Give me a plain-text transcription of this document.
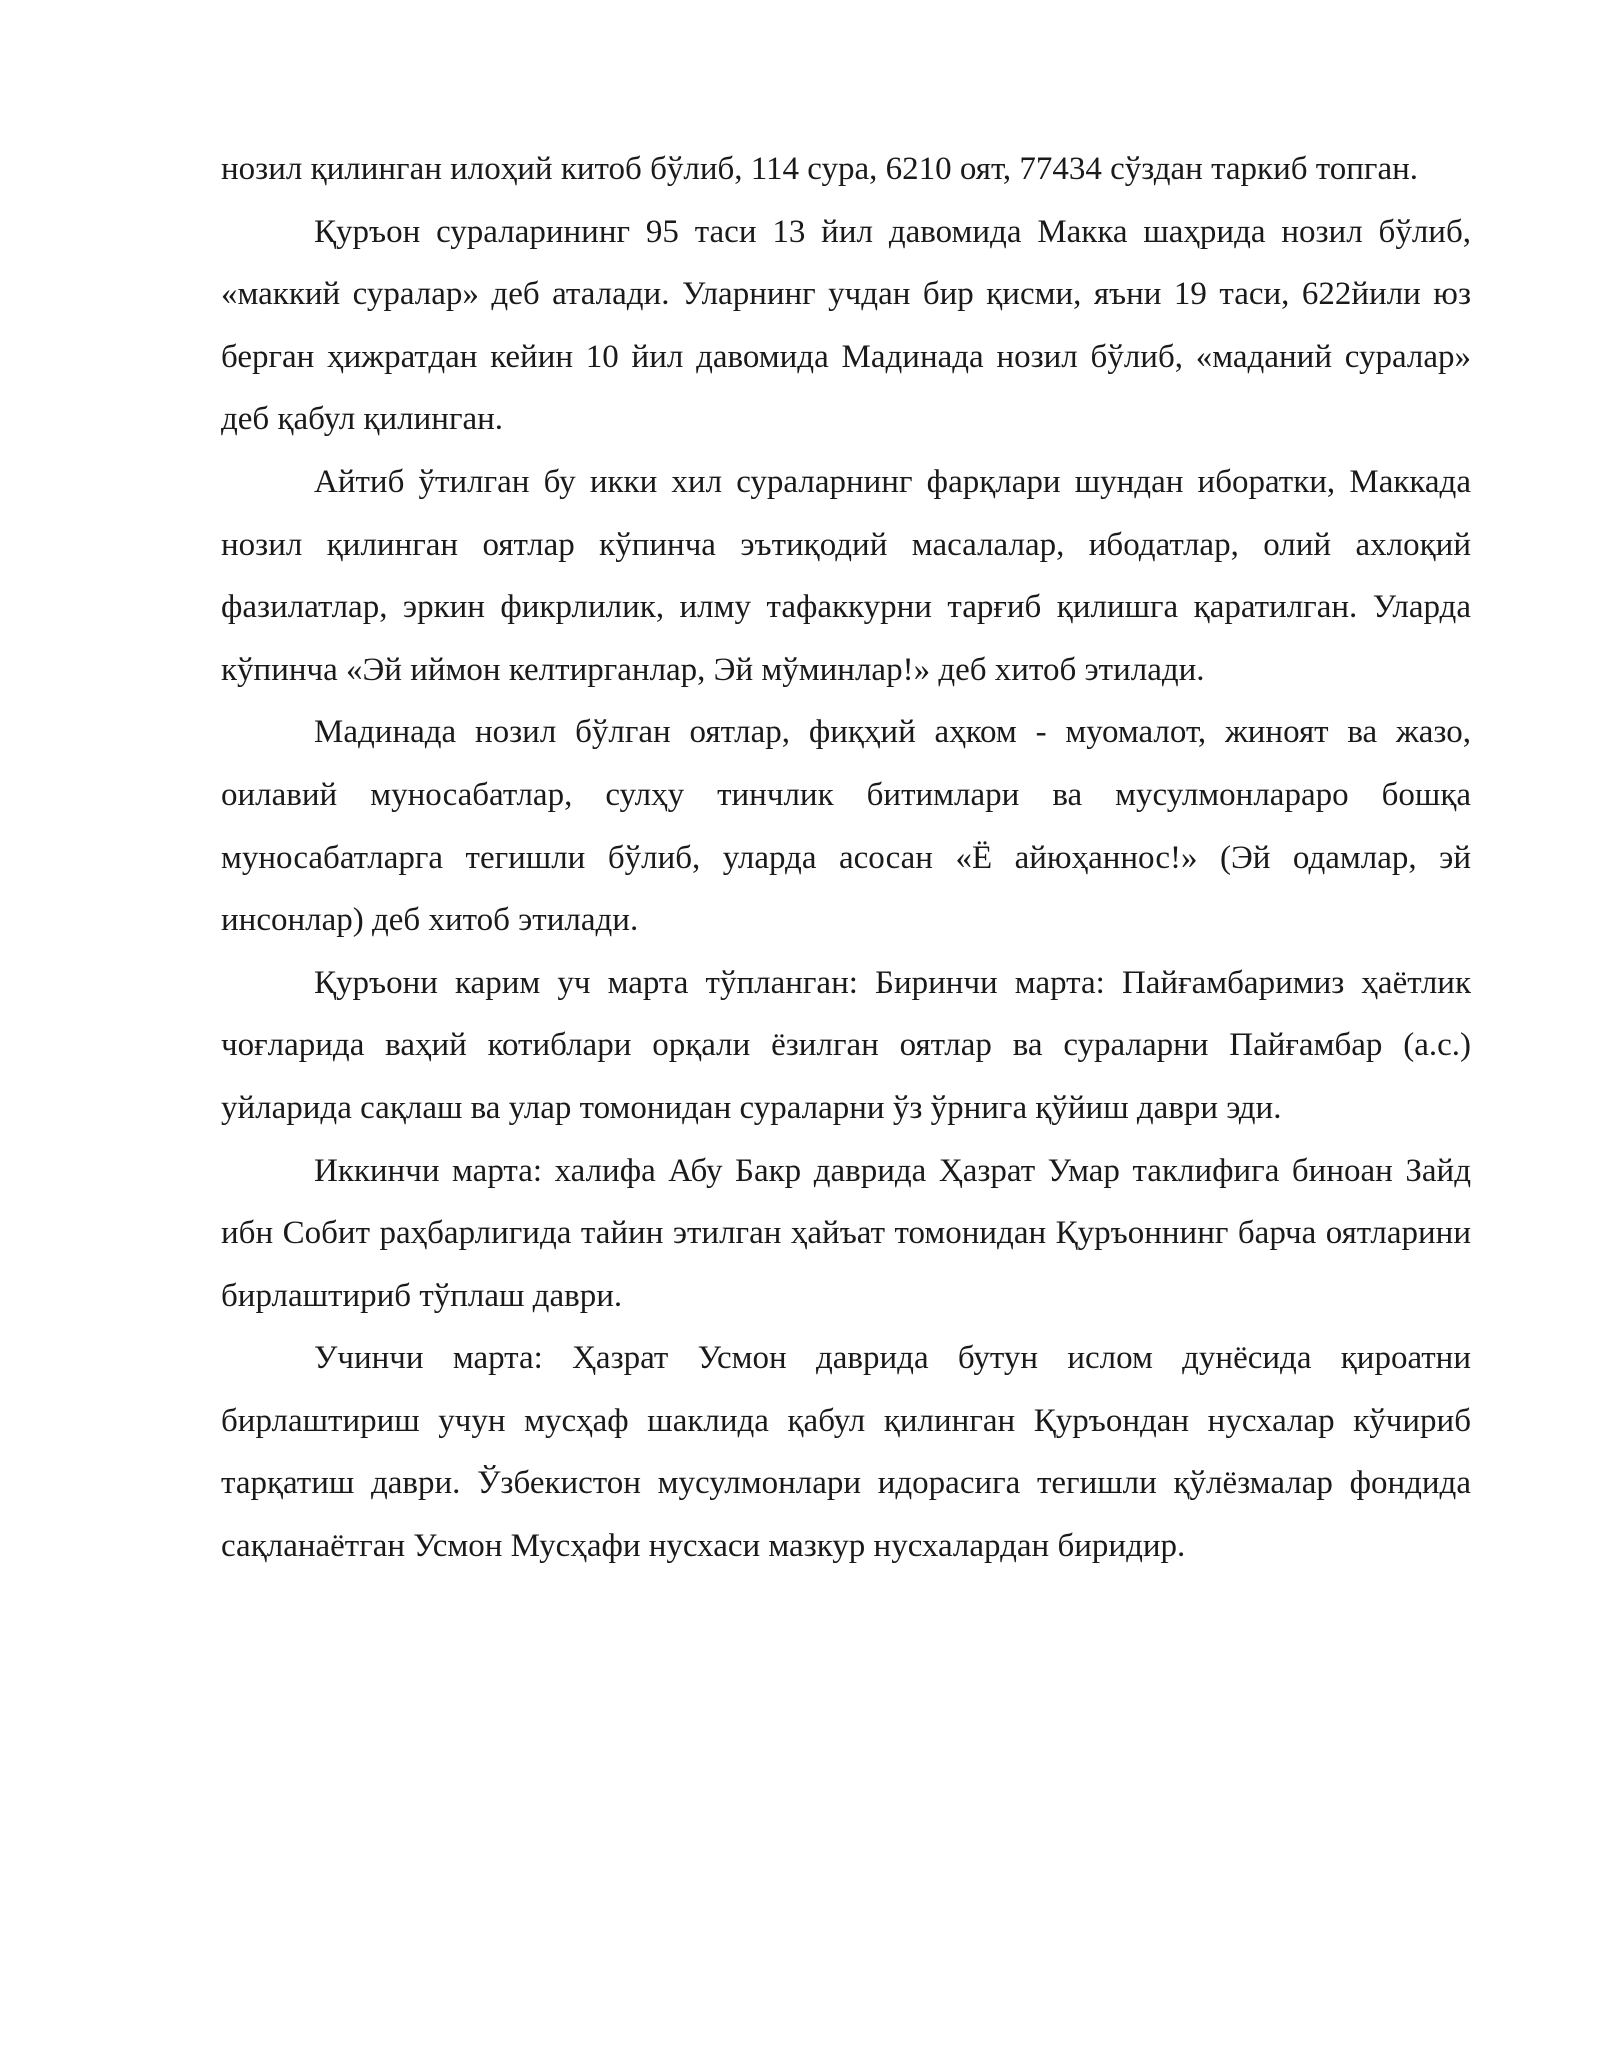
нозил қилинган илоҳий китоб бўлиб, 114 сура, 6210 оят, 77434 сўздан таркиб топган.

Қуръон сураларининг 95 таси 13 йил давомида Макка шаҳрида нозил бўлиб, «маккий суралар» деб аталади. Уларнинг учдан бир қисми, яъни 19 таси, 622йили юз берган ҳижратдан кейин 10 йил давомида Мадинада нозил бўлиб, «маданий суралар» деб қабул қилинган.

Айтиб ўтилган бу икки хил сураларнинг фарқлари шундан иборатки, Маккада нозил қилинган оятлар кўпинча эътиқодий масалалар, ибодатлар, олий ахлоқий фазилатлар, эркин фикрлилик, илму тафаккурни тарғиб қилишга қаратилган. Уларда кўпинча «Эй иймон келтирганлар, Эй мўминлар!» деб хитоб этилади.

Мадинада нозил бўлган оятлар, фиқҳий аҳком - муомалот, жиноят ва жазо, оилавий муносабатлар, сулҳу тинчлик битимлари ва мусулмонлараро бошқа муносабатларга тегишли бўлиб, уларда асосан «Ё айюҳаннос!» (Эй одамлар, эй инсонлар) деб хитоб этилади.

Қуръони карим уч марта тўпланган: Биринчи марта: Пайғамбаримиз ҳаётлик чоғларида ваҳий котиблари орқали ёзилган оятлар ва сураларни Пайғамбар (а.с.) уйларида сақлаш ва улар томонидан сураларни ўз ўрнига қўйиш даври эди.

Иккинчи марта: халифа Абу Бакр даврида Ҳазрат Умар таклифига биноан Зайд ибн Собит раҳбарлигида тайин этилган ҳайъат томонидан Қуръоннинг барча оятларини бирлаштириб тўплаш даври.

Учинчи марта: Ҳазрат Усмон даврида бутун ислом дунёсида қироатни бирлаштириш учун мусҳаф шаклида қабул қилинган Қуръондан нусхалар кўчириб тарқатиш даври. Ўзбекистон мусулмонлари идорасига тегишли қўлёзмалар фондида сақланаётган Усмон Мусҳафи нусхаси мазкур нусхалардан биридир.
